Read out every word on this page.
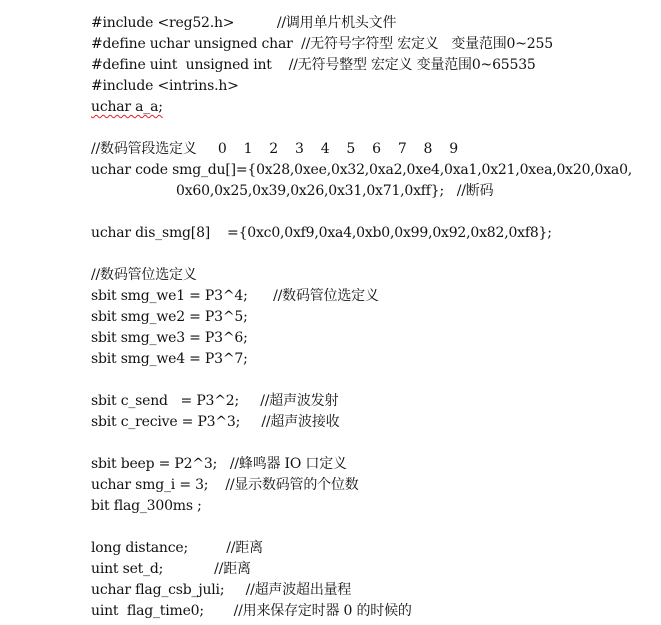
#include <reg52.h>          //调用单片机头文件
#define uchar unsigned char  //无符号字符型 宏定义   变量范围0~255
#define uint  unsigned int    //无符号整型 宏定义 变量范围0~65535
#include <intrins.h>
uchar a_a;
//数码管段选定义     0    1    2    3    4    5    6    7    8    9
uchar code smg_du[]={0x28,0xee,0x32,0xa2,0xe4,0xa1,0x21,0xea,0x20,0xa0,
0x60,0x25,0x39,0x26,0x31,0x71,0xff};   //断码
uchar dis_smg[8]    ={0xc0,0xf9,0xa4,0xb0,0x99,0x92,0x82,0xf8};
//数码管位选定义
sbit smg_we1 = P3^4;      //数码管位选定义
sbit smg_we2 = P3^5;
sbit smg_we3 = P3^6;
sbit smg_we4 = P3^7;
sbit c_send   = P3^2;     //超声波发射
sbit c_recive = P3^3;     //超声波接收
sbit beep = P2^3;   //蜂鸣器 IO 口定义
uchar smg_i = 3;    //显示数码管的个位数
bit flag_300ms ;
long distance;         //距离
uint set_d;            //距离
uchar flag_csb_juli;     //超声波超出量程
uint  flag_time0;       //用来保存定时器 0 的时候的
